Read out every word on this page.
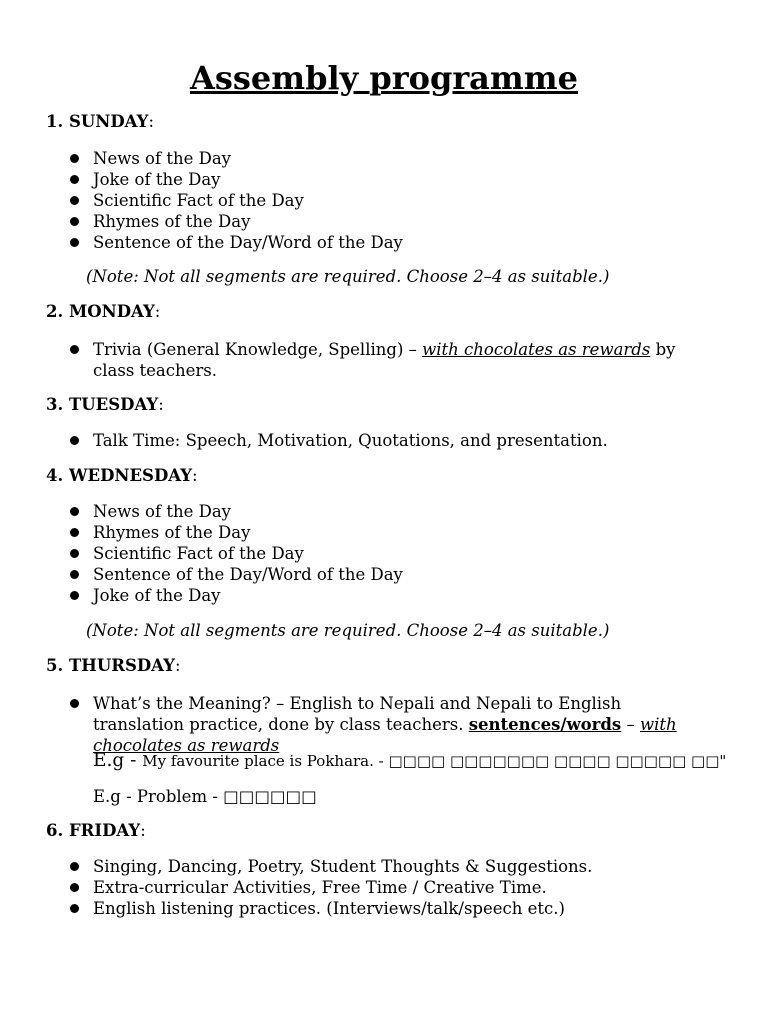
Assembly programme

1. SUNDAY:

News of the Day
Joke of the Day
Scientific Fact of the Day
Rhymes of the Day
Sentence of the Day/Word of the Day

(Note: Not all segments are required. Choose 2–4 as suitable.)

2. MONDAY:

Trivia (General Knowledge, Spelling) – with chocolates as rewards by class teachers.

3. TUESDAY:

Talk Time: Speech, Motivation, Quotations, and presentation.

4. WEDNESDAY:

News of the Day
Rhymes of the Day
Scientific Fact of the Day
Sentence of the Day/Word of the Day
Joke of the Day

(Note: Not all segments are required. Choose 2–4 as suitable.)

5. THURSDAY:

What’s the Meaning? – English to Nepali and Nepali to English translation practice, done by class teachers. sentences/words – with chocolates as rewards

E.g - My favourite place is Pokhara. - □□□□ □□□□□□□ □□□□ □□□□□ □□"

E.g - Problem - □□□□□□

6. FRIDAY:

Singing, Dancing, Poetry, Student Thoughts & Suggestions.
Extra-curricular Activities, Free Time / Creative Time.
English listening practices. (Interviews/talk/speech etc.)
